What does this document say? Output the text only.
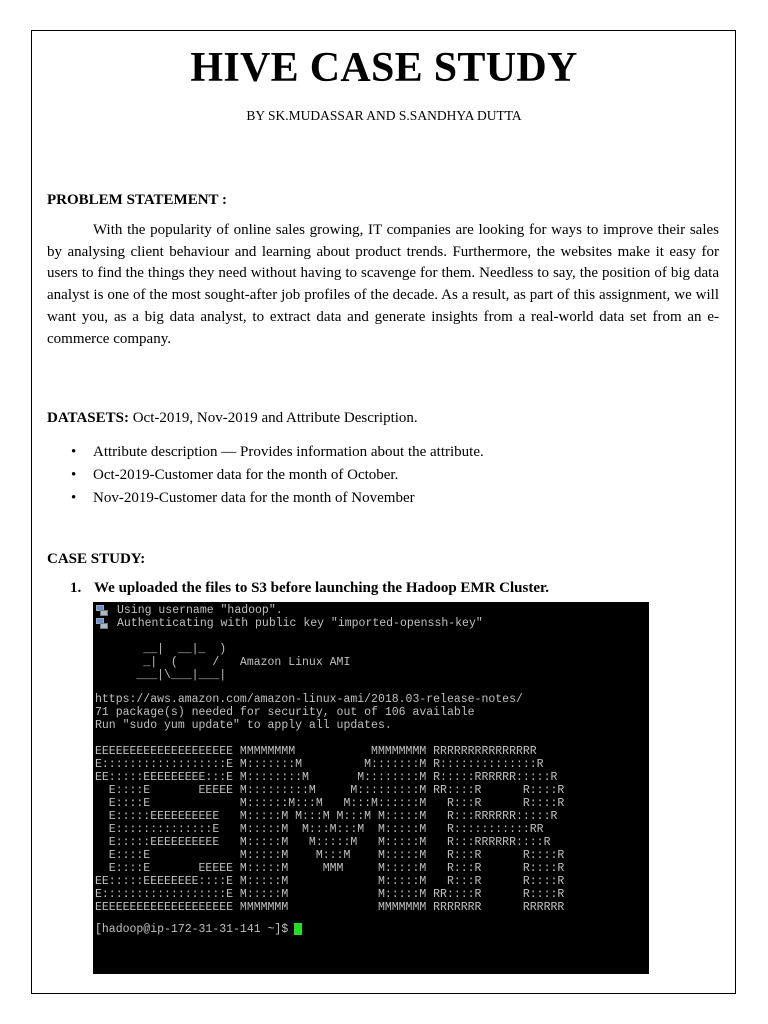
HIVE CASE STUDY

BY SK.MUDASSAR AND S.SANDHYA DUTTA

PROBLEM STATEMENT :

With the popularity of online sales growing, IT companies are looking for ways to improve their sales by analysing client behaviour and learning about product trends. Furthermore, the websites make it easy for users to find the things they need without having to scavenge for them. Needless to say, the position of big data analyst is one of the most sought-after job profiles of the decade. As a result, as part of this assignment, we will want you, as a big data analyst, to extract data and generate insights from a real-world data set from an e-commerce company.

DATASETS: Oct-2019, Nov-2019 and Attribute Description.

• Attribute description — Provides information about the attribute.
• Oct-2019-Customer data for the month of October.
• Nov-2019-Customer data for the month of November

CASE STUDY:

1. We uploaded the files to S3 before launching the Hadoop EMR Cluster.

Using username "hadoop".
Authenticating with public key "imported-openssh-key"
__|  __|_  )
_|  (     /   Amazon Linux AMI
___|\___|___|
https://aws.amazon.com/amazon-linux-ami/2018.03-release-notes/
71 package(s) needed for security, out of 106 available
Run "sudo yum update" to apply all updates.
EEEEEEEEEEEEEEEEEEEE MMMMMMMM           MMMMMMMM RRRRRRRRRRRRRRR
E::::::::::::::::::E M:::::::M         M:::::::M R::::::::::::::R
EE:::::EEEEEEEEE:::E M::::::::M       M::::::::M R:::::RRRRRR:::::R
E::::E       EEEEE M:::::::::M     M:::::::::M RR::::R      R::::R
E::::E             M::::::M:::M   M:::M::::::M   R:::R      R::::R
E:::::EEEEEEEEEE   M:::::M M:::M M:::M M:::::M   R:::RRRRRR:::::R
E::::::::::::::E   M:::::M  M:::M:::M  M:::::M   R:::::::::::RR
E:::::EEEEEEEEEE   M:::::M   M:::::M   M:::::M   R:::RRRRRR::::R
E::::E             M:::::M    M:::M    M:::::M   R:::R      R::::R
E::::E       EEEEE M:::::M     MMM     M:::::M   R:::R      R::::R
EE:::::EEEEEEEE::::E M:::::M             M:::::M   R:::R      R::::R
E::::::::::::::::::E M:::::M             M:::::M RR::::R      R::::R
EEEEEEEEEEEEEEEEEEEE MMMMMMM             MMMMMMM RRRRRRR      RRRRRR
[hadoop@ip-172-31-31-141 ~]$
